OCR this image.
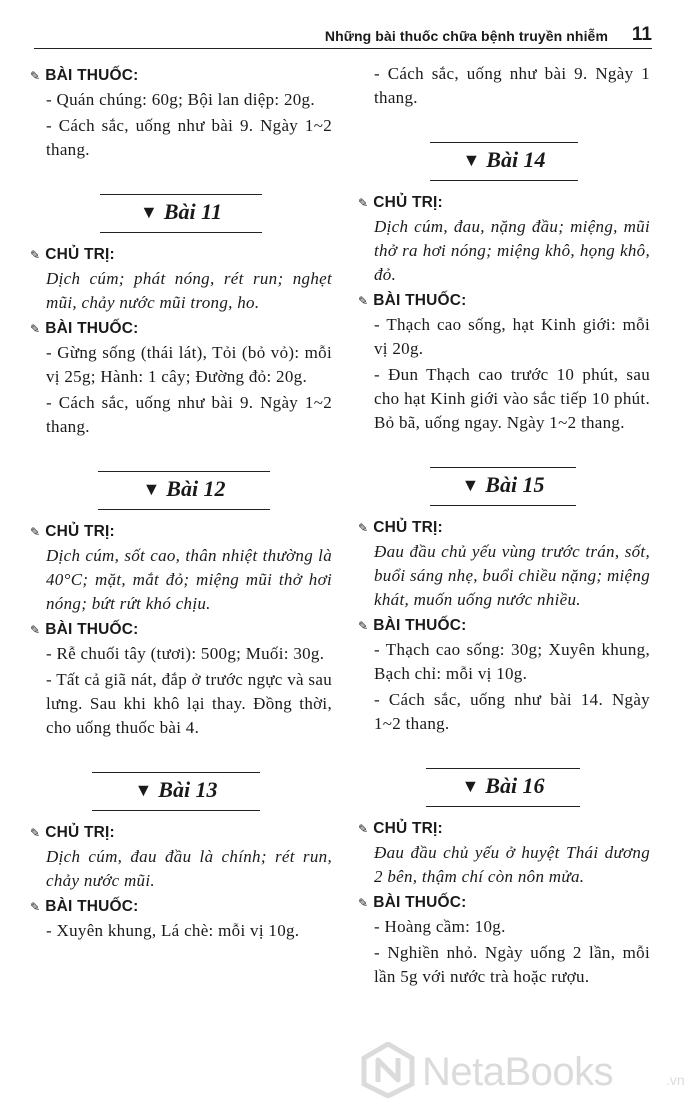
Những bài thuốc chữa bệnh truyền nhiễm 11
✎ BÀI THUỐC:
- Quán chúng: 60g; Bội lan diệp: 20g.
- Cách sắc, uống như bài 9. Ngày 1~2 thang.
▼ Bài 11
✎ CHỦ TRỊ:
Dịch cúm; phát nóng, rét run; nghẹt mũi, chảy nước mũi trong, ho.
✎ BÀI THUỐC:
- Gừng sống (thái lát), Tỏi (bỏ vỏ): mỗi vị 25g; Hành: 1 cây; Đường đỏ: 20g.
- Cách sắc, uống như bài 9. Ngày 1~2 thang.
▼ Bài 12
✎ CHỦ TRỊ:
Dịch cúm, sốt cao, thân nhiệt thường là 40°C; mặt, mắt đỏ; miệng mũi thở hơi nóng; bứt rứt khó chịu.
✎ BÀI THUỐC:
- Rễ chuối tây (tươi): 500g; Muối: 30g.
- Tất cả giã nát, đắp ở trước ngực và sau lưng. Sau khi khô lại thay. Đồng thời, cho uống thuốc bài 4.
▼ Bài 13
✎ CHỦ TRỊ:
Dịch cúm, đau đầu là chính; rét run, chảy nước mũi.
✎ BÀI THUỐC:
- Xuyên khung, Lá chè: mỗi vị 10g.
- Cách sắc, uống như bài 9. Ngày 1 thang.
▼ Bài 14
✎ CHỦ TRỊ:
Dịch cúm, đau, nặng đầu; miệng, mũi thở ra hơi nóng; miệng khô, họng khô, đỏ.
✎ BÀI THUỐC:
- Thạch cao sống, hạt Kinh giới: mỗi vị 20g.
- Đun Thạch cao trước 10 phút, sau cho hạt Kinh giới vào sắc tiếp 10 phút. Bỏ bã, uống ngay. Ngày 1~2 thang.
▼ Bài 15
✎ CHỦ TRỊ:
Đau đầu chủ yếu vùng trước trán, sốt, buổi sáng nhẹ, buổi chiều nặng; miệng khát, muốn uống nước nhiều.
✎ BÀI THUỐC:
- Thạch cao sống: 30g; Xuyên khung, Bạch chỉ: mỗi vị 10g.
- Cách sắc, uống như bài 14. Ngày 1~2 thang.
▼ Bài 16
✎ CHỦ TRỊ:
Đau đầu chủ yếu ở huyệt Thái dương 2 bên, thậm chí còn nôn mửa.
✎ BÀI THUỐC:
- Hoàng cầm: 10g.
- Nghiền nhỏ. Ngày uống 2 lần, mỗi lần 5g với nước trà hoặc rượu.
NetaBooks	.vn
